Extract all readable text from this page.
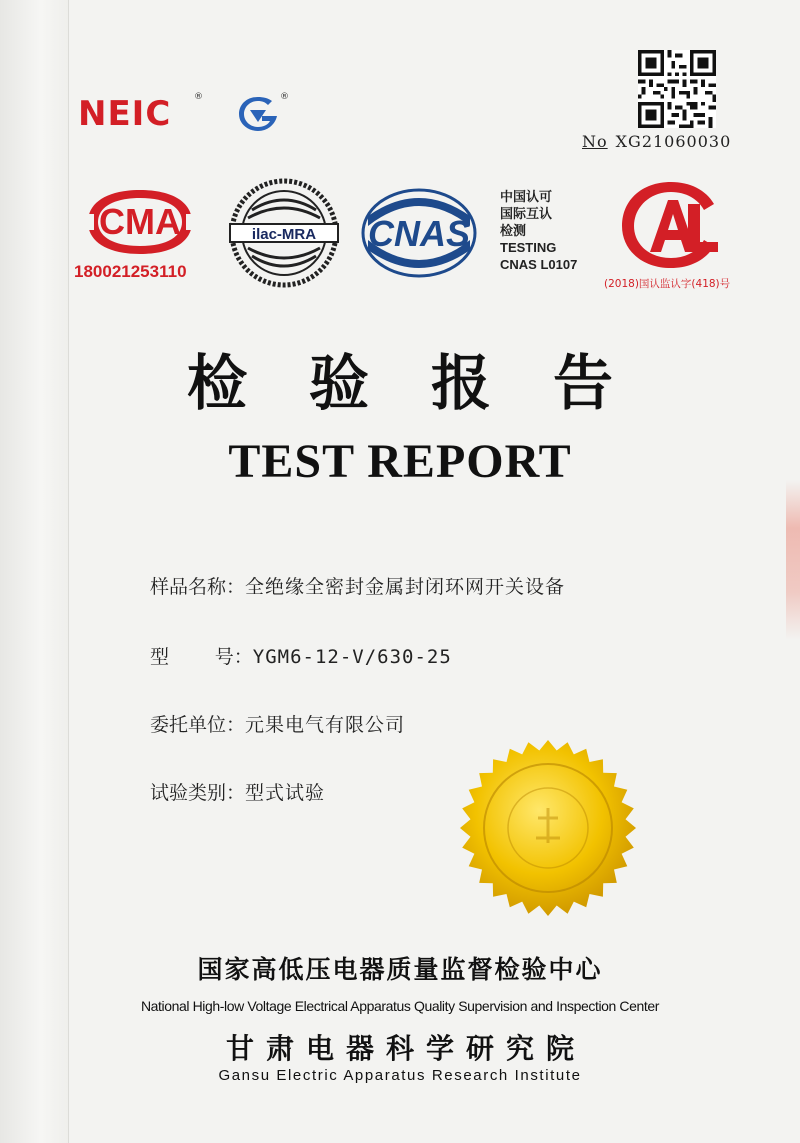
NEIC	®	®
No XG21060030
CMA
180021253110
ilac-MRA CNAS
中国认可
国际互认
检测
TESTING
CNAS L0107
(2018)国认监认字(418)号
检验报告
TEST REPORT
样品名称：全绝缘全密封金属封闭环网开关设备
型    号：YGM6-12-V/630-25
委托单位：元果电气有限公司
试验类别：型式试验
国家高低压电器质量监督检验中心
National High-low Voltage Electrical Apparatus Quality Supervision and Inspection Center
甘肃电器科学研究院
Gansu Electric Apparatus Research Institute
